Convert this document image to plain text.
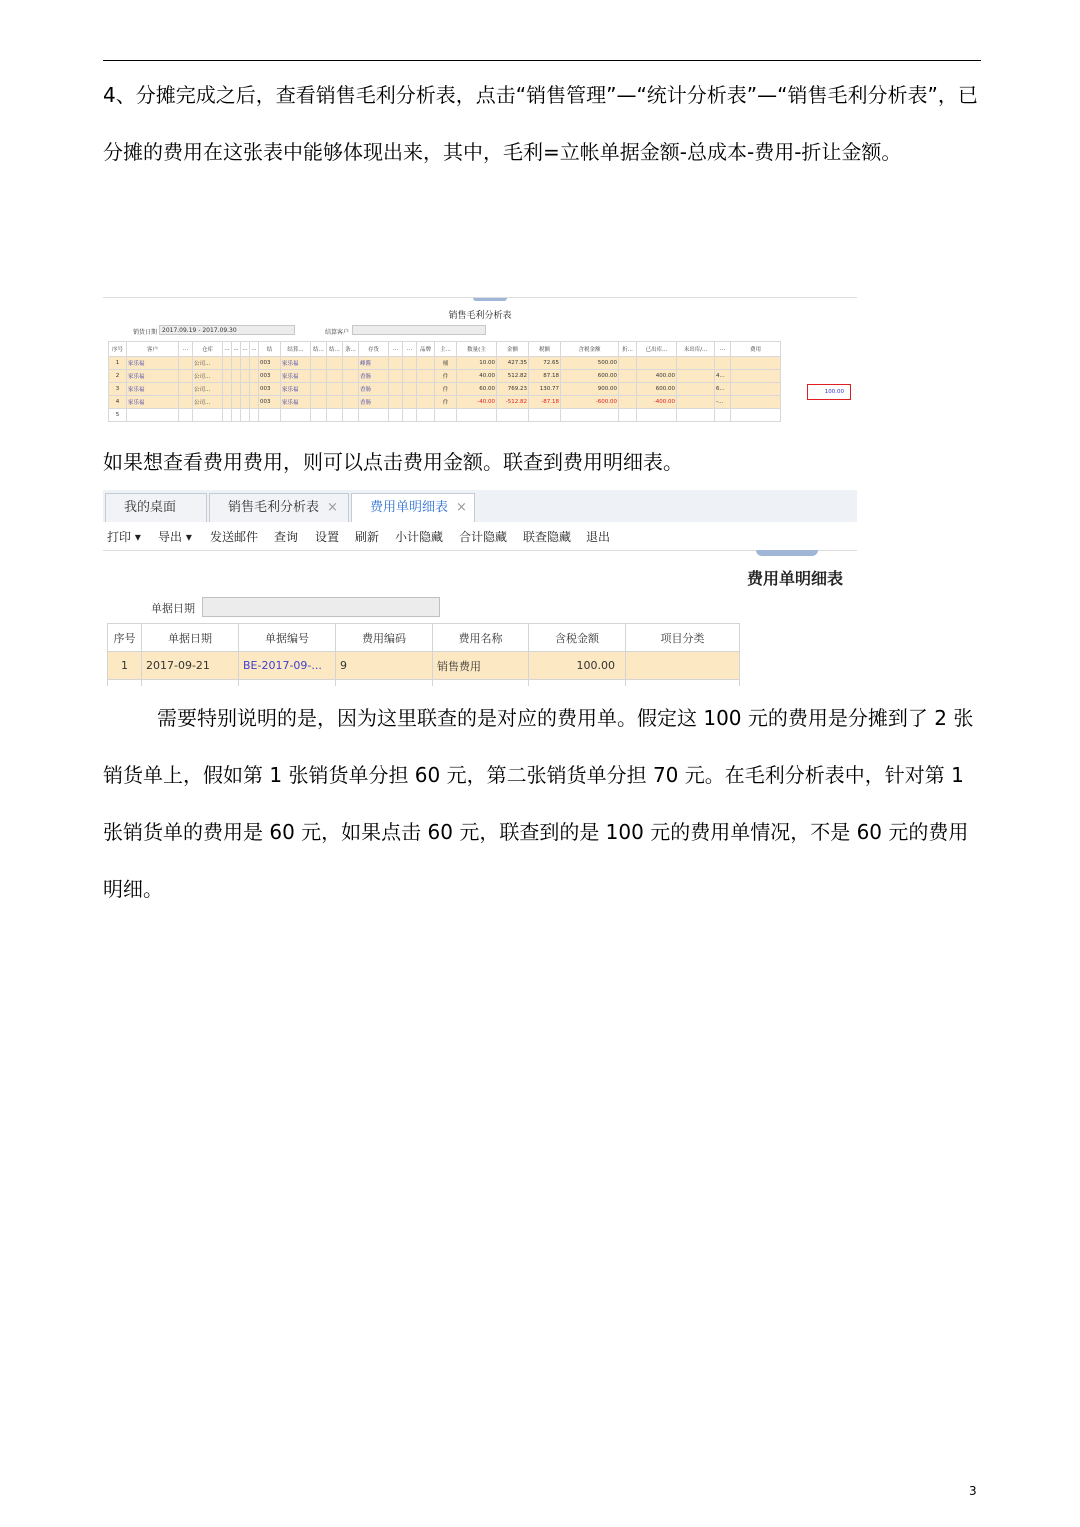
4、分摊完成之后，查看销售毛利分析表，点击“销售管理”—“统计分析表”—“销售毛利分析表”，已分摊的费用在这张表中能够体现出来，其中，毛利=立帐单据金额-总成本-费用-折让金额。

销售毛利分析表
销货日期 2017.09.19 - 2017.09.30	结算客户
序号	客户	...	仓库	...	...	...	...	结	结算...	结...	结...	条...	存货	...	...	品牌	主...	数量(主	金额	税额	含税金额	折...	已出库...	未出库/...	...	费用
1	家乐福		公司...					003	家乐福				峰酱				桶	10.00	427.35	72.65	500.00					
2	家乐福		公司...					003	家乐福				香肠				件	40.00	512.82	87.18	600.00		400.00		4...	
3	家乐福		公司...					003	家乐福				香肠				件	60.00	769.23	130.77	900.00		600.00		6...	
4	家乐福		公司...					003	家乐福				香肠				件	-40.00	-512.82	-87.18	-600.00		-400.00		-...	
5																										
100.00

如果想查看费用费用，则可以点击费用金额。联查到费用明细表。

我的桌面	销售毛利分析表 ×	费用单明细表 ×
打印 ▾ 导出 ▾ 发送邮件 查询 设置 刷新 小计隐藏 合计隐藏 联查隐藏 退出
费用单明细表
单据日期
序号	单据日期	单据编号	费用编码	费用名称	含税金额	项目分类
1	2017-09-21	BE-2017-09-...	9	销售费用	100.00	

需要特别说明的是，因为这里联查的是对应的费用单。假定这 100 元的费用是分摊到了 2 张销货单上，假如第 1 张销货单分担 60 元，第二张销货单分担 70 元。在毛利分析表中，针对第 1 张销货单的费用是 60 元，如果点击 60 元，联查到的是 100 元的费用单情况，不是 60 元的费用明细。

3
